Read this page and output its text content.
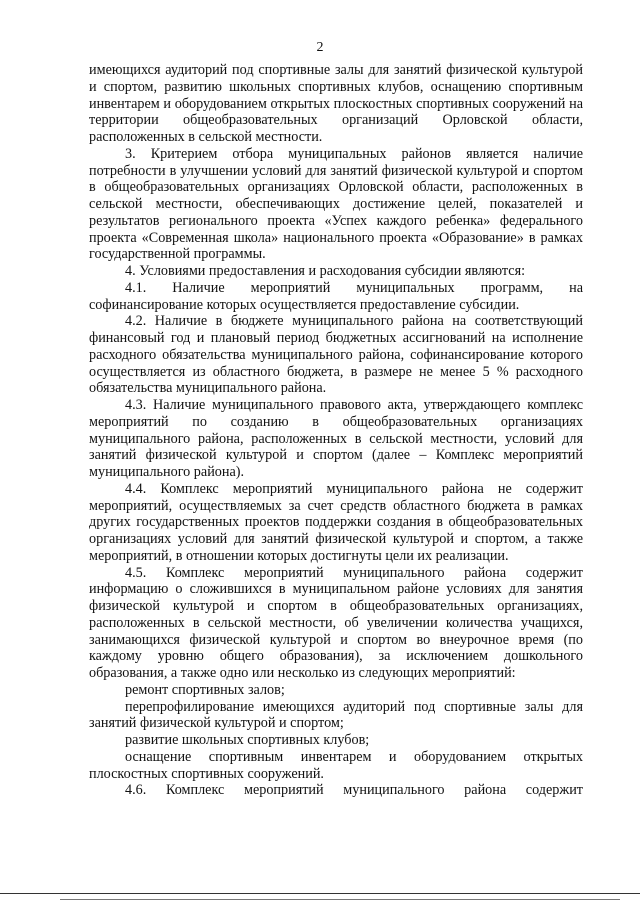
2

имеющихся аудиторий под спортивные залы для занятий физической культурой и спортом, развитию школьных спортивных клубов, оснащению спортивным инвентарем и оборудованием открытых плоскостных спортивных сооружений на территории общеобразовательных организаций Орловской области, расположенных в сельской местности.

3. Критерием отбора муниципальных районов является наличие потребности в улучшении условий для занятий физической культурой и спортом в общеобразовательных организациях Орловской области, расположенных в сельской местности, обеспечивающих достижение целей, показателей и результатов регионального проекта «Успех каждого ребенка» федерального проекта «Современная школа» национального проекта «Образование» в рамках государственной программы.

4. Условиями предоставления и расходования субсидии являются:

4.1. Наличие мероприятий муниципальных программ, на софинансирование которых осуществляется предоставление субсидии.

4.2. Наличие в бюджете муниципального района на соответствующий финансовый год и плановый период бюджетных ассигнований на исполнение расходного обязательства муниципального района, софинансирование которого осуществляется из областного бюджета, в размере не менее 5 % расходного обязательства муниципального района.

4.3. Наличие муниципального правового акта, утверждающего комплекс мероприятий по созданию в общеобразовательных организациях муниципального района, расположенных в сельской местности, условий для занятий физической культурой и спортом (далее – Комплекс мероприятий муниципального района).

4.4. Комплекс мероприятий муниципального района не содержит мероприятий, осуществляемых за счет средств областного бюджета в рамках других государственных проектов поддержки создания в общеобразовательных организациях условий для занятий физической культурой и спортом, а также мероприятий, в отношении которых достигнуты цели их реализации.

4.5. Комплекс мероприятий муниципального района содержит информацию о сложившихся в муниципальном районе условиях для занятия физической культурой и спортом в общеобразовательных организациях, расположенных в сельской местности, об увеличении количества учащихся, занимающихся физической культурой и спортом во внеурочное время (по каждому уровню общего образования), за исключением дошкольного образования, а также одно или несколько из следующих мероприятий:

ремонт спортивных залов;

перепрофилирование имеющихся аудиторий под спортивные залы для занятий физической культурой и спортом;

развитие школьных спортивных клубов;

оснащение спортивным инвентарем и оборудованием открытых плоскостных спортивных сооружений.

4.6. Комплекс мероприятий муниципального района содержит
